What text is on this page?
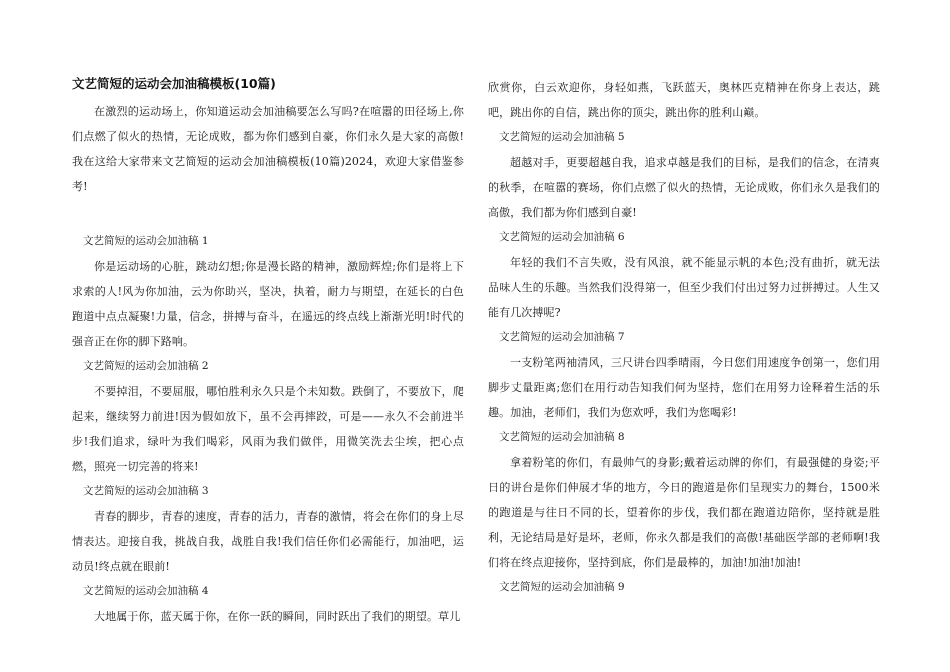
文艺简短的运动会加油稿模板(10篇)

在激烈的运动场上，你知道运动会加油稿要怎么写吗?在喧嚣的田径场上,你们点燃了似火的热情，无论成败，都为你们感到自豪，你们永久是大家的高傲!我在这给大家带来文艺简短的运动会加油稿模板(10篇)2024，欢迎大家借鉴参考!

文艺简短的运动会加油稿 1

你是运动场的心脏，跳动幻想;你是漫长路的精神，激励辉煌;你们是将上下求索的人!风为你加油，云为你助兴，坚决，执着，耐力与期望，在延长的白色跑道中点点凝聚!力量，信念，拼搏与奋斗，在遥远的终点线上渐渐光明!时代的强音正在你的脚下路响。

文艺简短的运动会加油稿 2

不要掉泪，不要屈服，哪怕胜利永久只是个未知数。跌倒了，不要放下，爬起来，继续努力前进!因为假如放下，虽不会再摔跤，可是——永久不会前进半步!我们追求，绿叶为我们喝彩，风雨为我们做伴，用微笑洗去尘埃，把心点燃，照亮一切完善的将来!

文艺简短的运动会加油稿 3

青春的脚步，青春的速度，青春的活力，青春的激情，将会在你们的身上尽情表达。迎接自我，挑战自我，战胜自我!我们信任你们必需能行，加油吧，运动员!终点就在眼前!

文艺简短的运动会加油稿 4

大地属于你，蓝天属于你，在你一跃的瞬间，同时跃出了我们的期望。草儿

欣赏你，白云欢迎你，身轻如燕，飞跃蓝天，奥林匹克精神在你身上表达，跳吧，跳出你的自信，跳出你的顶尖，跳出你的胜利山巅。

文艺简短的运动会加油稿 5

超越对手，更要超越自我，追求卓越是我们的目标，是我们的信念，在清爽的秋季，在喧嚣的赛场，你们点燃了似火的热情，无论成败，你们永久是我们的高傲，我们都为你们感到自豪!

文艺简短的运动会加油稿 6

年轻的我们不言失败，没有风浪，就不能显示帆的本色;没有曲折，就无法品味人生的乐趣。当然我们没得第一，但至少我们付出过努力过拼搏过。人生又能有几次搏呢?

文艺简短的运动会加油稿 7

一支粉笔两袖清风，三尺讲台四季晴雨，今日您们用速度争创第一，您们用脚步丈量距离;您们在用行动告知我们何为坚持，您们在用努力诠释着生活的乐趣。加油，老师们，我们为您欢呼，我们为您喝彩!

文艺简短的运动会加油稿 8

拿着粉笔的你们，有最帅气的身影;戴着运动牌的你们，有最强健的身姿;平日的讲台是你们伸展才华的地方，今日的跑道是你们呈现实力的舞台，1500米的跑道是与往日不同的长，望着你的步伐，我们都在跑道边陪你，坚持就是胜利，无论结局是好是坏，老师，你永久都是我们的高傲!基础医学部的老师啊!我们将在终点迎接你，坚持到底，你们是最棒的，加油!加油!加油!

文艺简短的运动会加油稿 9
